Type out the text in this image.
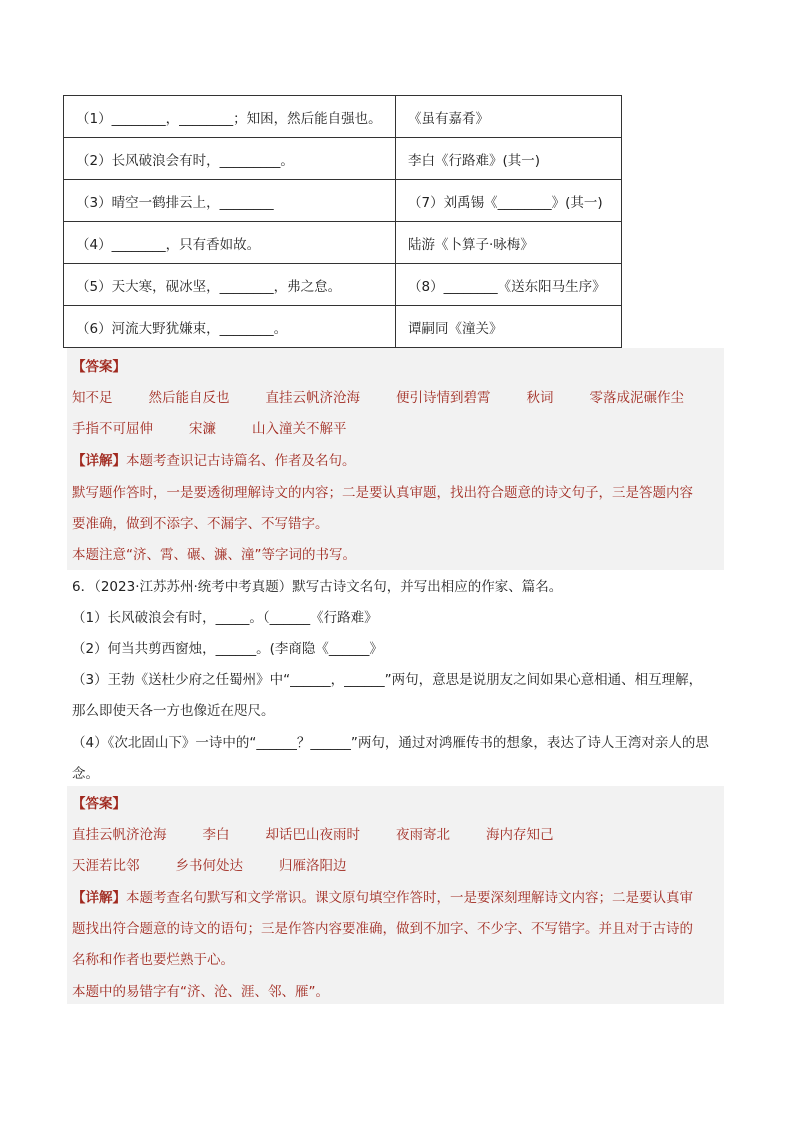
（1）________，________；知困，然后能自强也。	《虽有嘉肴》
（2）长风破浪会有时，_________。	李白《行路难》(其一)
（3）晴空一鹤排云上，________	（7）刘禹锡《________》(其一)
（4）________，只有香如故。	陆游《卜算子·咏梅》
（5）天大寒，砚冰坚，________，弗之怠。	（8）________《送东阳马生序》
（6）河流大野犹嫌束，________。	谭嗣同《潼关》
【答案】
知不足	然后能自反也	直挂云帆济沧海	便引诗情到碧霄	秋词	零落成泥碾作尘
手指不可屈伸	宋濂	山入潼关不解平
【详解】本题考查识记古诗篇名、作者及名句。
默写题作答时，一是要透彻理解诗文的内容；二是要认真审题，找出符合题意的诗文句子，三是答题内容
要准确，做到不添字、不漏字、不写错字。
本题注意“济、霄、碾、濂、潼”等字词的书写。
6．（2023·江苏苏州·统考中考真题）默写古诗文名句，并写出相应的作家、篇名。
（1）长风破浪会有时，_____。（______《行路难》
（2）何当共剪西窗烛，______。(李商隐《______》
（3）王勃《送杜少府之任蜀州》中“______，______”两句，意思是说朋友之间如果心意相通、相互理解，
那么即使天各一方也像近在咫尺。
（4）《次北固山下》一诗中的“______？______”两句，通过对鸿雁传书的想象，表达了诗人王湾对亲人的思
念。
【答案】
直挂云帆济沧海	李白	却话巴山夜雨时	夜雨寄北	海内存知己
天涯若比邻	乡书何处达	归雁洛阳边
【详解】本题考查名句默写和文学常识。课文原句填空作答时，一是要深刻理解诗文内容；二是要认真审
题找出符合题意的诗文的语句；三是作答内容要准确，做到不加字、不少字、不写错字。并且对于古诗的
名称和作者也要烂熟于心。
本题中的易错字有“济、沧、涯、邻、雁”。
